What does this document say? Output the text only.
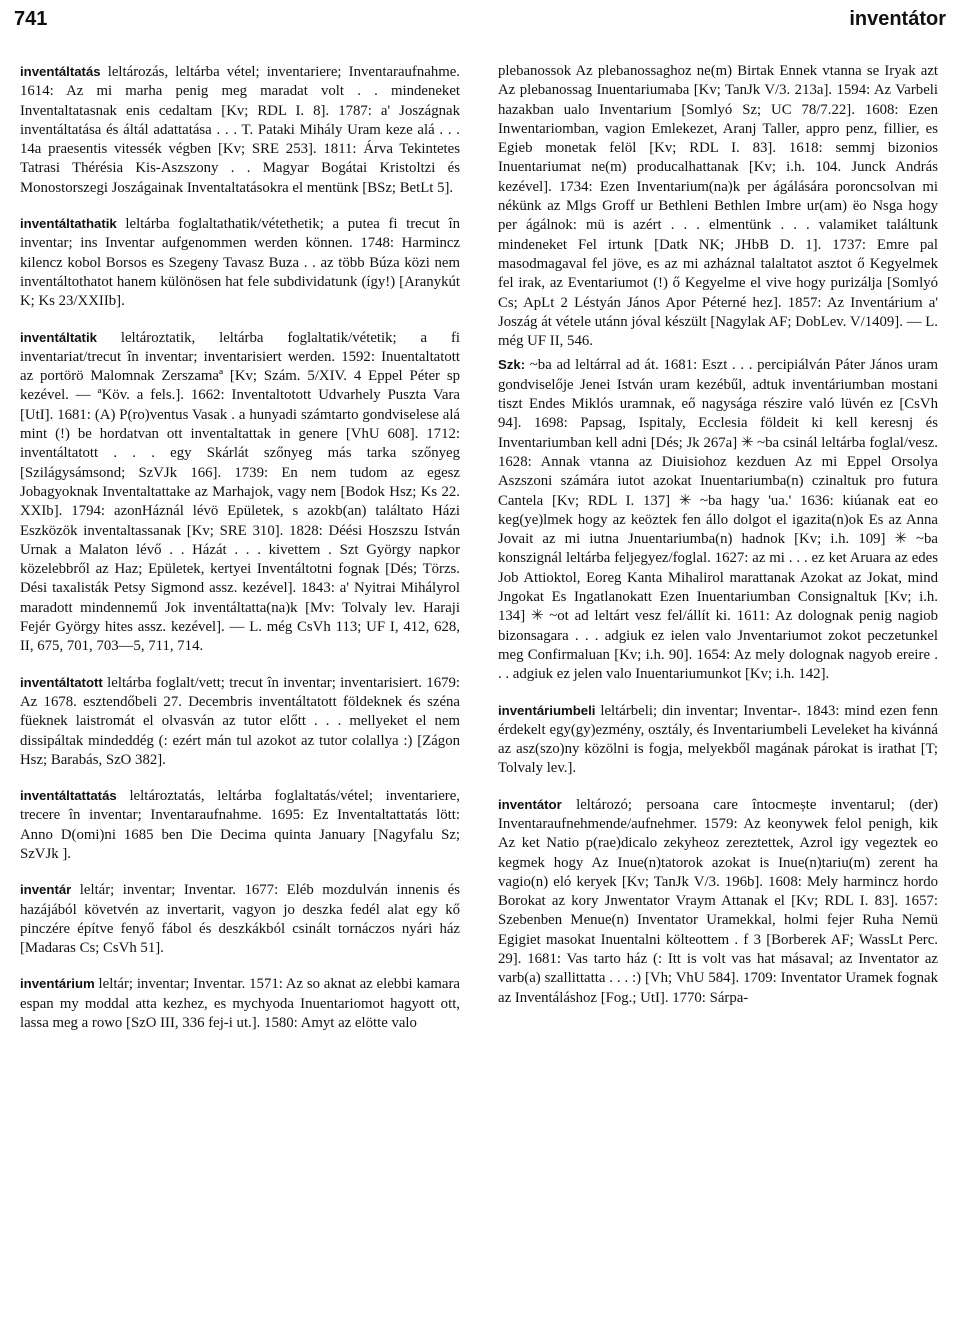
741	inventátor

inventáltatás leltározás, leltárba vétel; inventariere; Inventaraufnahme. 1614: Az mi marha penig meg maradat volt . . mindeneket Inventaltatasnak enis cedaltam [Kv; RDL I. 8]. 1787: a' Joszágnak inventáltatása és áltál adattatása . . . T. Pataki Mihály Uram keze alá . . . 14a praesentis vitessék végben [Kv; SRE 253]. 1811: Árva Tekintetes Tatrasi Thérésia Kis-Aszszony . . Magyar Bogátai Kristoltzi és Monostorszegi Joszágainak Inventaltatásokra el mentünk [BSz; BetLt 5].

inventáltathatik leltárba foglaltathatik/vétethetik; a putea fi trecut în inventar; ins Inventar aufgenommen werden können. 1748: Harmincz kilencz kobol Borsos es Szegeny Tavasz Buza . . az több Búza közi nem inventáltothatot hanem különösen hat fele subdividatunk (így!) [Aranykút K; Ks 23/XXIIb].

inventáltatik leltároztatik, leltárba foglaltatik/vétetik; a fi inventariat/trecut în inventar; inventarisiert werden. 1592: Inuentaltatott az portörö Malomnak Zerszamaª [Kv; Szám. 5/XIV. 4 Eppel Péter sp kezével. — ªKöv. a fels.]. 1662: Inventaltotott Udvarhely Puszta Vara [UtI]. 1681: (A) P(ro)ventus Vasak . a hunyadi számtarto gondviselese alá mint (!) be hordatvan ott inventaltattak in genere [VhU 608]. 1712: inventáltatott . . . egy Skárlát szőnyeg más tarka szőnyeg [Szilágysámsond; SzVJk 166]. 1739: En nem tudom az egesz Jobagyoknak Inventaltattake az Marhajok, vagy nem [Bodok Hsz; Ks 22. XXIb]. 1794: azonHáznál lévö Epületek, s azokb(an) találtato Házi Eszközök inventaltassanak [Kv; SRE 310]. 1828: Déési Hoszszu István Urnak a Malaton lévő . . Házát . . . kivettem . Szt György napkor közelebbről az Haz; Epületek, kertyei Inventáltotni fognak [Dés; Törzs. Dési taxalisták Petsy Sigmond assz. kezével]. 1843: a' Nyitrai Mihályrol maradott mindennemű Jok inventáltatta(na)k [Mv: Tolvaly lev. Haraji Fejér György hites assz. kezével]. — L. még CsVh 113; UF I, 412, 628, II, 675, 701, 703—5, 711, 714.

inventáltatott leltárba foglalt/vett; trecut în inventar; inventarisiert. 1679: Az 1678. esztendőbeli 27. Decembris inventáltatott földeknek és széna füeknek laistromát el olvasván az tutor előtt . . . mellyeket el nem dissipáltak mindeddég (: ezért mán tul azokot az tutor colallya :) [Zágon Hsz; Barabás, SzO 382].

inventáltattatás leltároztatás, leltárba foglaltatás/vétel; inventariere, trecere în inventar; Inventaraufnahme. 1695: Ez Inventaltattatás lött: Anno D(omi)ni 1685 ben Die Decima quinta January [Nagyfalu Sz; SzVJk ].

inventár leltár; inventar; Inventar. 1677: Eléb mozdulván innenis és hazájából követvén az invertarit, vagyon jo deszka fedél alat egy kő pinczére építve fenyő fábol és deszkákból csinált tornáczos nyári ház [Madaras Cs; CsVh 51].

inventárium leltár; inventar; Inventar. 1571: Az so aknat az elebbi kamara espan my moddal atta kezhez, es mychyoda Inuentariomot hagyott ott, lassa meg a rowo [SzO III, 336 fej-i ut.]. 1580: Amyt az elötte valo

plebanossok Az plebanossaghoz ne(m) Birtak Ennek vtanna se Iryak azt Az plebanossag Inuentariumaba [Kv; TanJk V/3. 213a]. 1594: Az Varbeli hazakban ualo Inventarium [Somlyó Sz; UC 78/7.22]. 1608: Ezen Inwentariomban, vagion Emlekezet, Aranj Taller, appro penz, fillier, es Egieb monetak felöl [Kv; RDL I. 83]. 1618: semmj bizonios Inuentariumat ne(m) producalhattanak [Kv; i.h. 104. Junck András kezével]. 1734: Ezen Inventarium(na)k per ágálására poroncsolvan mi nékünk az Mlgs Groff ur Bethleni Bethlen Imbre ur(am) ëo Nsga hogy per ágálnok: mü is azért . . . elmentünk . . . valamiket találtunk mindeneket Fel irtunk [Datk NK; JHbB D. 1]. 1737: Emre pal masodmagaval fel jöve, es az mi azháznal talaltatot asztot ő Kegyelmek fel irak, az Eventariumot (!) ő Kegyelme el vive hogy purizálja [Somlyó Cs; ApLt 2 Léstyán János Apor Péterné hez]. 1857: Az Inventárium a' Joszág át vétele utánn jóval készült [Nagylak AF; DobLev. V/1409]. — L. még UF II, 546.

Szk: ~ba ad leltárral ad át. 1681: Eszt . . . percipiálván Páter János uram gondviselője Jenei István uram kezébűl, adtuk inventáriumban mostani tiszt Endes Miklós uramnak, eő nagysága részire való lüvén ez [CsVh 94]. 1698: Papsag, Ispitaly, Ecclesia földeit ki kell keresnj és Inventariumban kell adni [Dés; Jk 267a] ✳ ~ba csinál leltárba foglal/vesz. 1628: Annak vtanna az Diuisiohoz kezduen Az mi Eppel Orsolya Aszszoni számára iutot azokat Inuentariumba(n) czinaltuk pro futura Cantela [Kv; RDL I. 137] ✳ ~ba hagy 'ua.' 1636: kiúanak eat eo keg(ye)lmek hogy az keöztek fen állo dolgot el igazita(n)ok Es az Anna Jovait az mi iutna Jnuentariumba(n) hadnok [Kv; i.h. 109] ✳ ~ba konszignál leltárba feljegyez/foglal. 1627: az mi . . . ez ket Aruara az edes Job Attioktol, Eoreg Kanta Mihalirol marattanak Azokat az Jokat, mind Jngokat Es Ingatlanokatt Ezen Inuentariumban Consignaltuk [Kv; i.h. 134] ✳ ~ot ad leltárt vesz fel/állít ki. 1611: Az dolognak penig nagiob bizonsagara . . . adgiuk ez ielen valo Jnventariumot zokot peczetunkel meg Confirmaluan [Kv; i.h. 90]. 1654: Az mely dolognak nagyob ereire . . . adgiuk ez jelen valo Inuentariumunkot [Kv; i.h. 142].

inventáriumbeli leltárbeli; din inventar; Inventar-. 1843: mind ezen fenn érdekelt egy(gy)ezmény, osztály, és Inventariumbeli Leveleket ha kivánná az asz(szo)ny közölni is fogja, melyekből magának párokat is irathat [T; Tolvaly lev.].

inventátor leltározó; persoana care întocmește inventarul; (der) Inventaraufnehmende/aufnehmer. 1579: Az keonywek felol penigh, kik Az ket Natio p(rae)dicalo zekyheoz zereztettek, Azrol igy vegeztek eo kegmek hogy Az Inue(n)tatorok azokat is Inue(n)tariu(m) zerent ha vagio(n) eló keryek [Kv; TanJk V/3. 196b]. 1608: Mely harmincz hordo Borokat az kory Jnwentator Vraym Attanak el [Kv; RDL I. 83]. 1657: Szebenben Menue(n) Inventator Uramekkal, holmi fejer Ruha Nemü Egigiet masokat Inuentalni költeottem . f 3 [Borberek AF; WassLt Perc. 29]. 1681: Vas tarto ház (: Itt is volt vas hat másaval; az Inventator az varb(a) szallittatta . . . :) [Vh; VhU 584]. 1709: Inventator Uramek fognak az Inventáláshoz [Fog.; UtI]. 1770: Sárpa-
